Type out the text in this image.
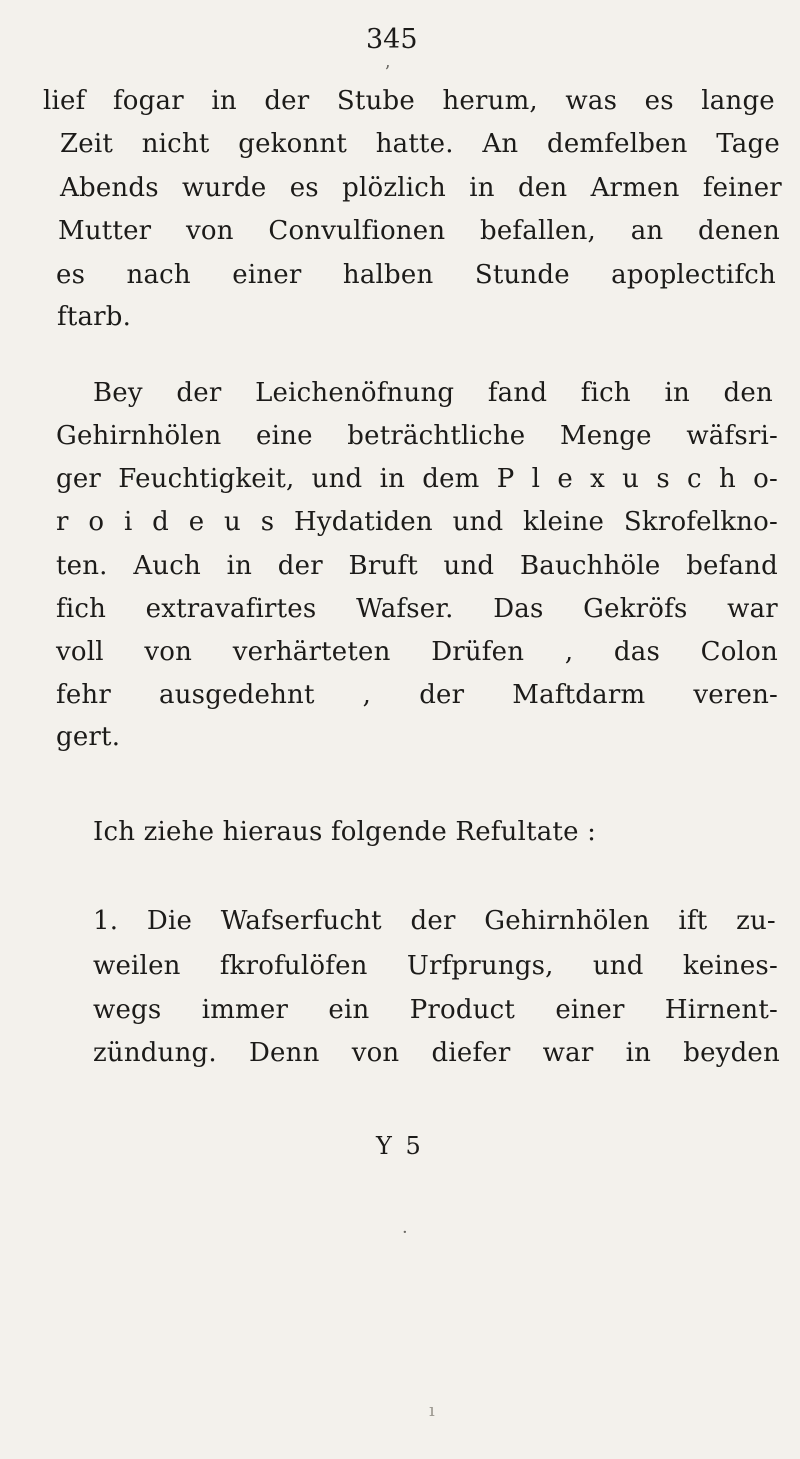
345
ʼ
lief fogar in der Stube herum, was es lange
Zeit nicht gekonnt hatte. An demfelben Tage
Abends wurde es plözlich in den Armen feiner
Mutter von Convulfionen befallen, an denen
es nach einer halben Stunde apoplectifch
ftarb.
Bey der Leichenöfnung fand fich in den
Gehirnhölen eine beträchtliche Menge wäfsri-
ger Feuchtigkeit, und in dem P l e x u s c h o-
r o i d e u s Hydatiden und kleine Skrofelkno-
ten. Auch in der Bruft und Bauchhöle befand
fich extravafirtes Wafser. Das Gekröfs war
voll von verhärteten Drüfen , das Colon
fehr ausgedehnt , der Maftdarm veren-
gert.
Ich ziehe hieraus folgende Refultate :
1. Die Wafserfucht der Gehirnhölen ift zu-
weilen fkrofulöfen Urfprungs, und keines-
wegs immer ein Product einer Hirnent-
zündung. Denn von diefer war in beyden
Y 5
·
ı
